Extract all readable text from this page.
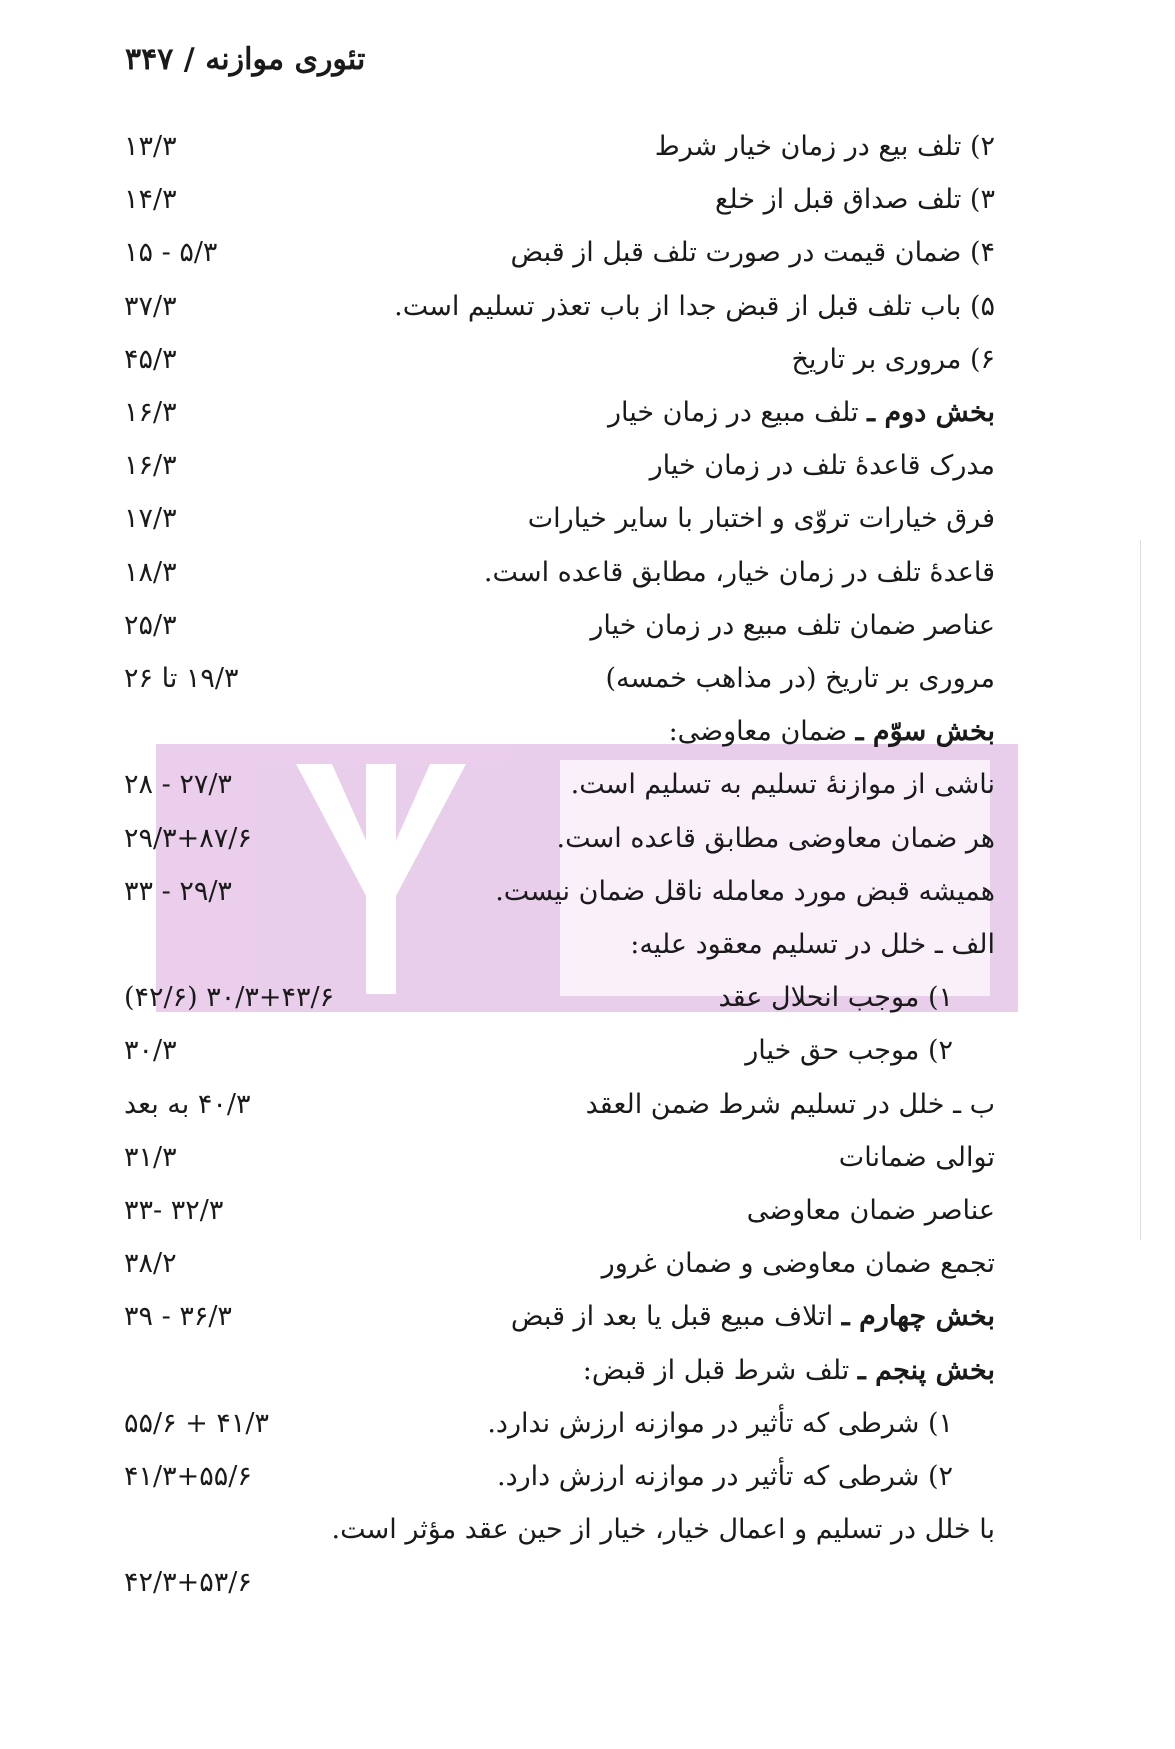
تئوری موازنه / ۳۴۷
۲) تلف بیع در زمان خیار شرط
۱۳/۳
۳) تلف صداق قبل از خلع
۱۴/۳
۴) ضمان قیمت در صورت تلف قبل از قبض
۵/۳ - ۱۵
۵) باب تلف قبل از قبض جدا از باب تعذر تسلیم است.
۳۷/۳
۶) مروری بر تاریخ
۴۵/۳
بخش دوم ـ تلف مبیع در زمان خیار
۱۶/۳
مدرک قاعدهٔ تلف در زمان خیار
۱۶/۳
فرق خیارات تروّی و اختبار با سایر خیارات
۱۷/۳
قاعدهٔ تلف در زمان خیار، مطابق قاعده است.
۱۸/۳
عناصر ضمان تلف مبیع در زمان خیار
۲۵/۳
مروری بر تاریخ (در مذاهب خمسه)
۱۹/۳ تا ۲۶
بخش سوّم ـ ضمان معاوضی:
ناشی از موازنهٔ تسلیم به تسلیم است.
۲۷/۳ - ۲۸
هر ضمان معاوضی مطابق قاعده است.
۲۹/۳+۸۷/۶
همیشه قبض مورد معامله ناقل ضمان نیست.
۲۹/۳ - ۳۳
الف ـ خلل در تسلیم معقود علیه:
۱) موجب انحلال عقد
۳۰/۳+۴۳/۶ (۴۲/۶)
۲) موجب حق خیار
۳۰/۳
ب ـ خلل در تسلیم شرط ضمن العقد
۴۰/۳ به بعد
توالی ضمانات
۳۱/۳
عناصر ضمان معاوضی
۳۲/۳ -۳۳
تجمع ضمان معاوضی و ضمان غرور
۳۸/۲
بخش چهارم ـ اتلاف مبیع قبل یا بعد از قبض
۳۶/۳ - ۳۹
بخش پنجم ـ تلف شرط قبل از قبض:
۱) شرطی که تأثیر در موازنه ارزش ندارد.
۴۱/۳ + ۵۵/۶
۲) شرطی که تأثیر در موازنه ارزش دارد.
۴۱/۳+۵۵/۶
با خلل در تسلیم و اعمال خیار، خیار از حین عقد مؤثر است.
۴۲/۳+۵۳/۶
